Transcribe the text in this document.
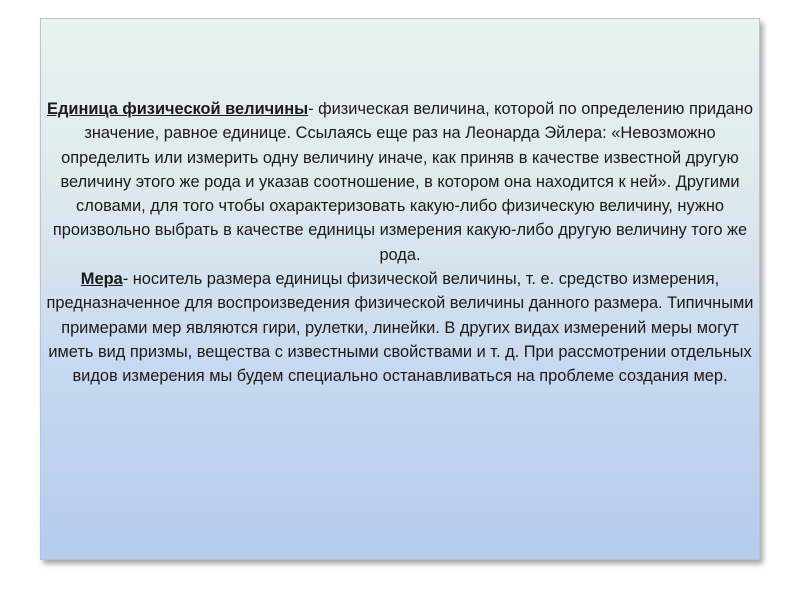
Единица физической величины- физическая величина, которой по определению придано значение, равное единице. Ссылаясь еще раз на Леонарда Эйлера: «Невозможно определить или измерить одну величину иначе, как приняв в качестве известной другую величину этого же рода и указав соотношение, в котором она находится к ней». Другими словами, для того чтобы охарактеризовать какую-либо физическую величину, нужно произвольно выбрать в качестве единицы измерения какую-либо другую величину того же рода.

Мера- носитель размера единицы физической величины, т. е. средство измерения, предназначенное для воспроизведения физической величины данного размера. Типичными примерами мер являются гири, рулетки, линейки. В других видах измерений меры могут иметь вид призмы, вещества с известными свойствами и т. д. При рассмотрении отдельных видов измерения мы будем специально останавливаться на проблеме создания мер.
